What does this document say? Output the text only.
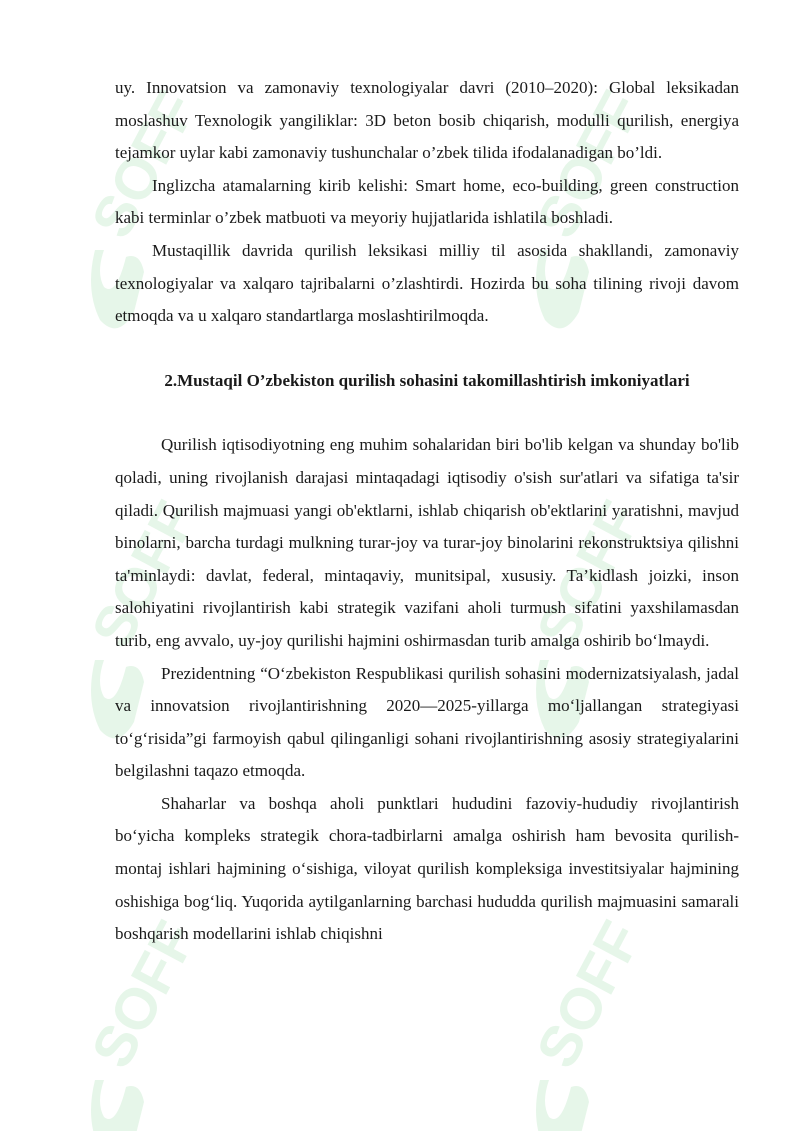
uy. Innovatsion va zamonaviy texnologiyalar davri (2010–2020): Global leksikadan moslashuv Texnologik yangiliklar: 3D beton bosib chiqarish, modulli qurilish, energiya tejamkor uylar kabi zamonaviy tushunchalar o’zbek tilida ifodalanadigan bo’ldi.

Inglizcha atamalarning kirib kelishi: Smart home, eco-building, green construction kabi terminlar o’zbek matbuoti va meyoriy hujjatlarida ishlatila boshladi.

Mustaqillik davrida qurilish leksikasi milliy til asosida shakllandi, zamonaviy texnologiyalar va xalqaro tajribalarni o’zlashtirdi. Hozirda bu soha tilining rivoji davom etmoqda va u xalqaro standartlarga moslashtirilmoqda.

2.Mustaqil O’zbekiston qurilish sohasini takomillashtirish imkoniyatlari

Qurilish iqtisodiyotning eng muhim sohalaridan biri bo'lib kelgan va shunday bo'lib qoladi, uning rivojlanish darajasi mintaqadagi iqtisodiy o'sish sur'atlari va sifatiga ta'sir qiladi. Qurilish majmuasi yangi ob'ektlarni, ishlab chiqarish ob'ektlarini yaratishni, mavjud binolarni, barcha turdagi mulkning turar-joy va turar-joy binolarini rekonstruktsiya qilishni ta'minlaydi: davlat, federal, mintaqaviy, munitsipal, xususiy. Ta’kidlash joizki, inson salohiyatini rivojlantirish kabi strategik vazifani aholi turmush sifatini yaxshilamasdan turib, eng avvalo, uy-joy qurilishi hajmini oshirmasdan turib amalga oshirib bo‘lmaydi.

Prezidentning “O‘zbekiston Respublikasi qurilish sohasini modernizatsiyalash, jadal va innovatsion rivojlantirishning 2020—2025-yillarga mo‘ljallangan strategiyasi to‘g‘risida”gi farmoyish qabul qilinganligi sohani rivojlantirishning asosiy strategiyalarini belgilashni taqazo etmoqda.

Shaharlar va boshqa aholi punktlari hududini fazoviy-hududiy rivojlantirish bo‘yicha kompleks strategik chora-tadbirlarni amalga oshirish ham bevosita qurilish-montaj ishlari hajmining o‘sishiga, viloyat qurilish kompleksiga investitsiyalar hajmining oshishiga bog‘liq. Yuqorida aytilganlarning barchasi hududda qurilish majmuasini samarali boshqarish modellarini ishlab chiqishni
